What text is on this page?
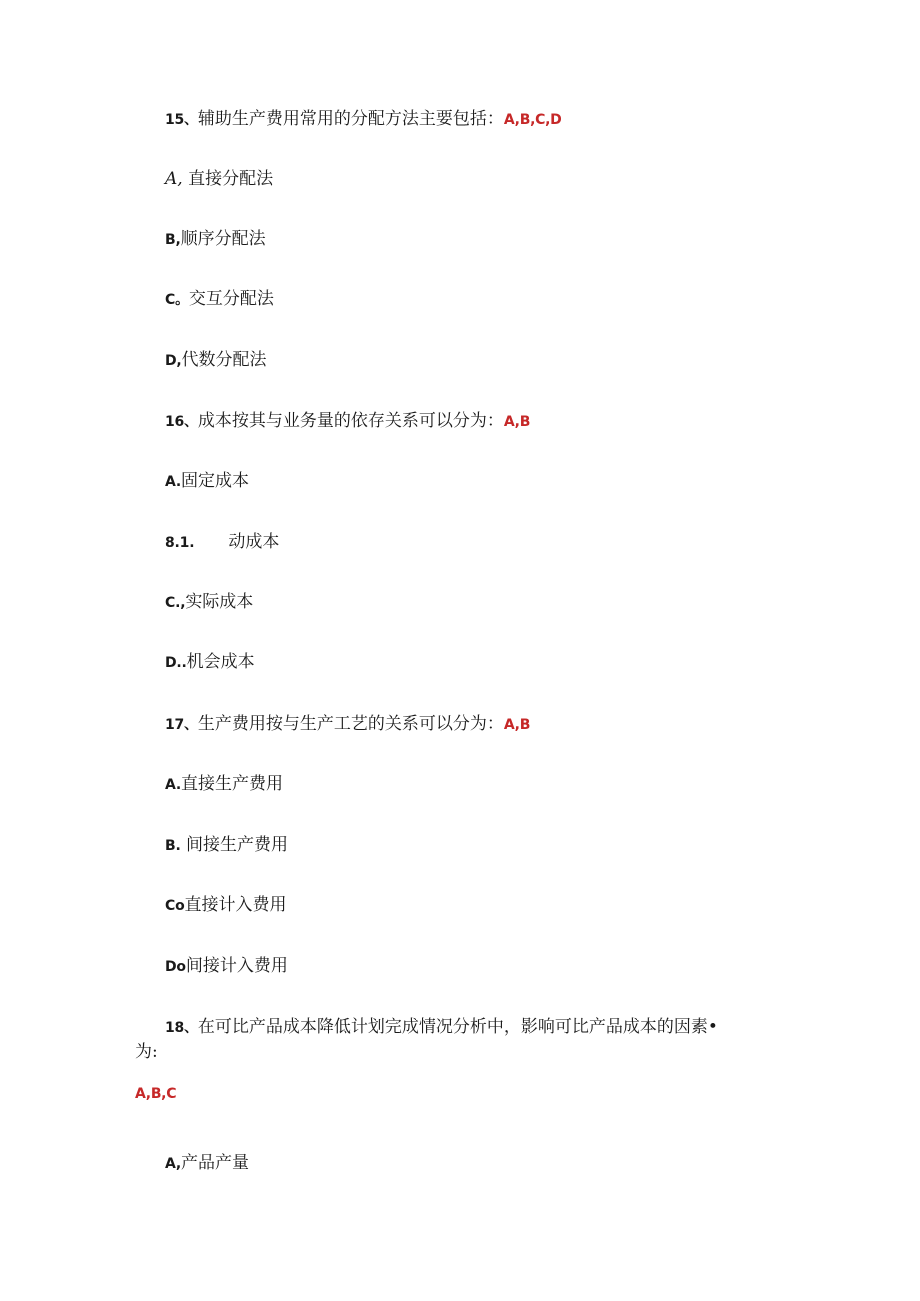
15、辅助生产费用常用的分配方法主要包括：A,B,C,D
A, 直接分配法
B,顺序分配法
C。交互分配法
D,代数分配法
16、成本按其与业务量的依存关系可以分为：A,B
A.固定成本
8.1. 动成本
C.,实际成本
D..机会成本
17、生产费用按与生产工艺的关系可以分为：A,B
A.直接生产费用
B. 间接生产费用
Co直接计入费用
Do间接计入费用
18、在可比产品成本降低计划完成情况分析中，影响可比产品成本的因素•
为:
A,B,C
A,产品产量
